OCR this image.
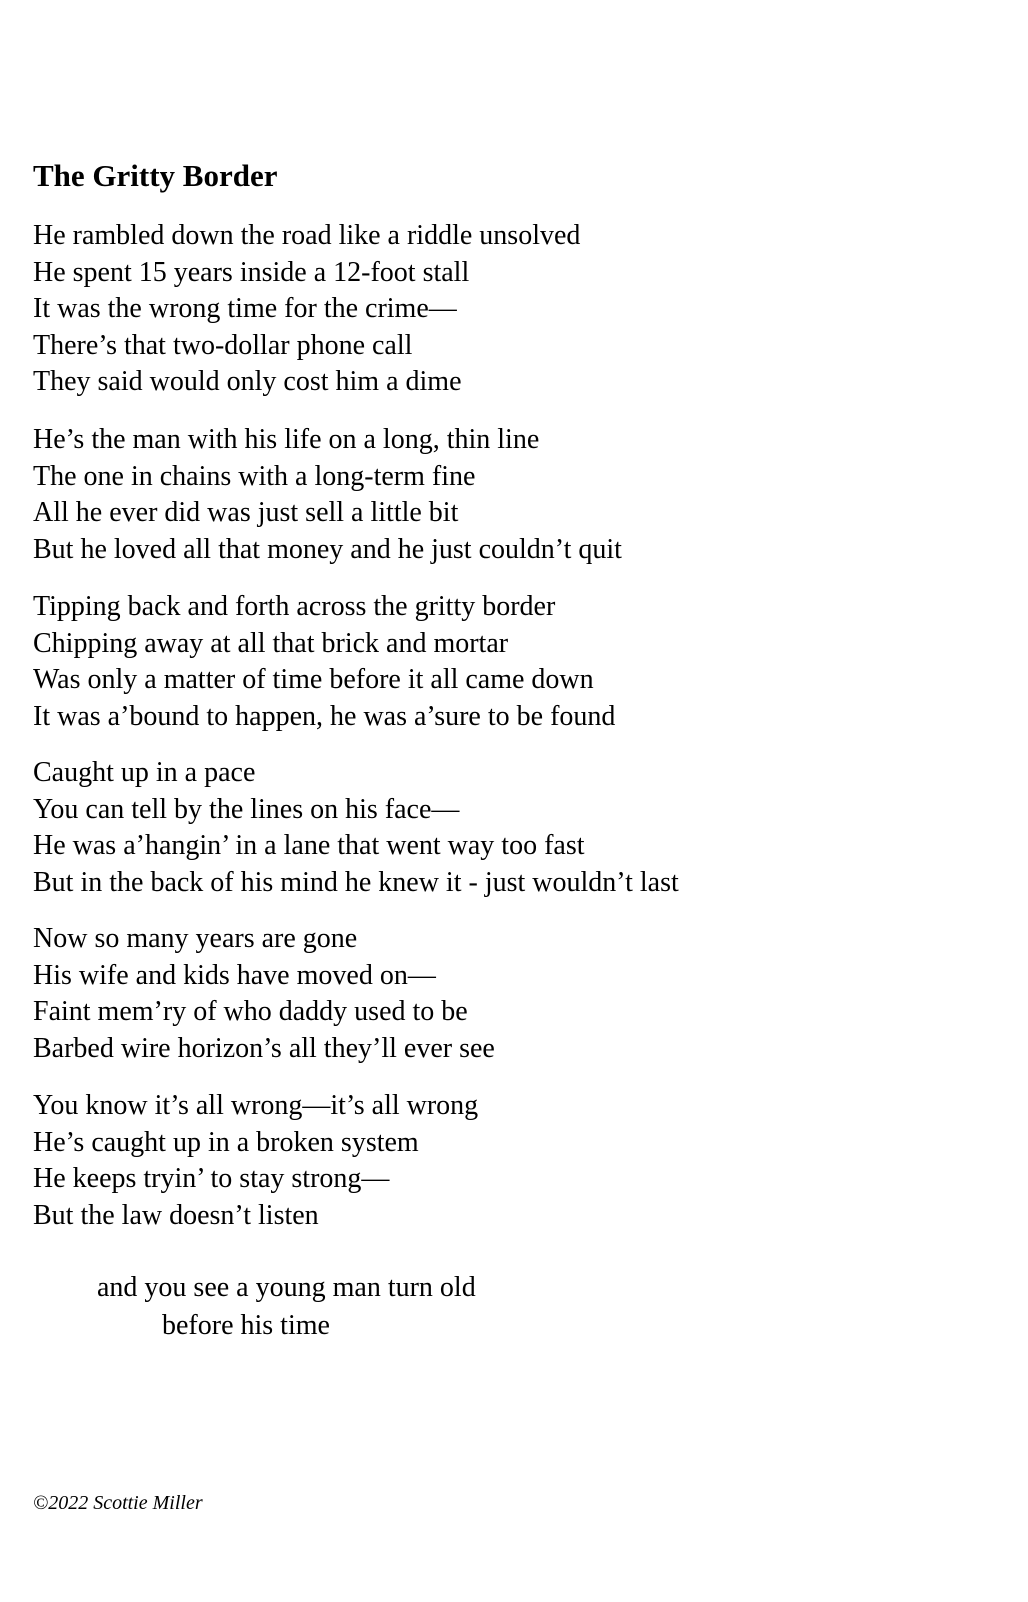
The Gritty Border
He rambled down the road like a riddle unsolved
He spent 15 years inside a 12-foot stall
It was the wrong time for the crime—
There’s that two-dollar phone call
They said would only cost him a dime
He’s the man with his life on a long, thin line
The one in chains with a long-term fine
All he ever did was just sell a little bit
But he loved all that money and he just couldn’t quit
Tipping back and forth across the gritty border
Chipping away at all that brick and mortar
Was only a matter of time before it all came down
It was a’bound to happen, he was a’sure to be found
Caught up in a pace
You can tell by the lines on his face—
He was a’hangin’ in a lane that went way too fast
But in the back of his mind he knew it - just wouldn’t last
Now so many years are gone
His wife and kids have moved on—
Faint mem’ry of who daddy used to be
Barbed wire horizon’s all they’ll ever see
You know it’s all wrong—it’s all wrong
He’s caught up in a broken system
He keeps tryin’ to stay strong—
But the law doesn’t listen

and you see a young man turn old

before his time

©2022 Scottie Miller
